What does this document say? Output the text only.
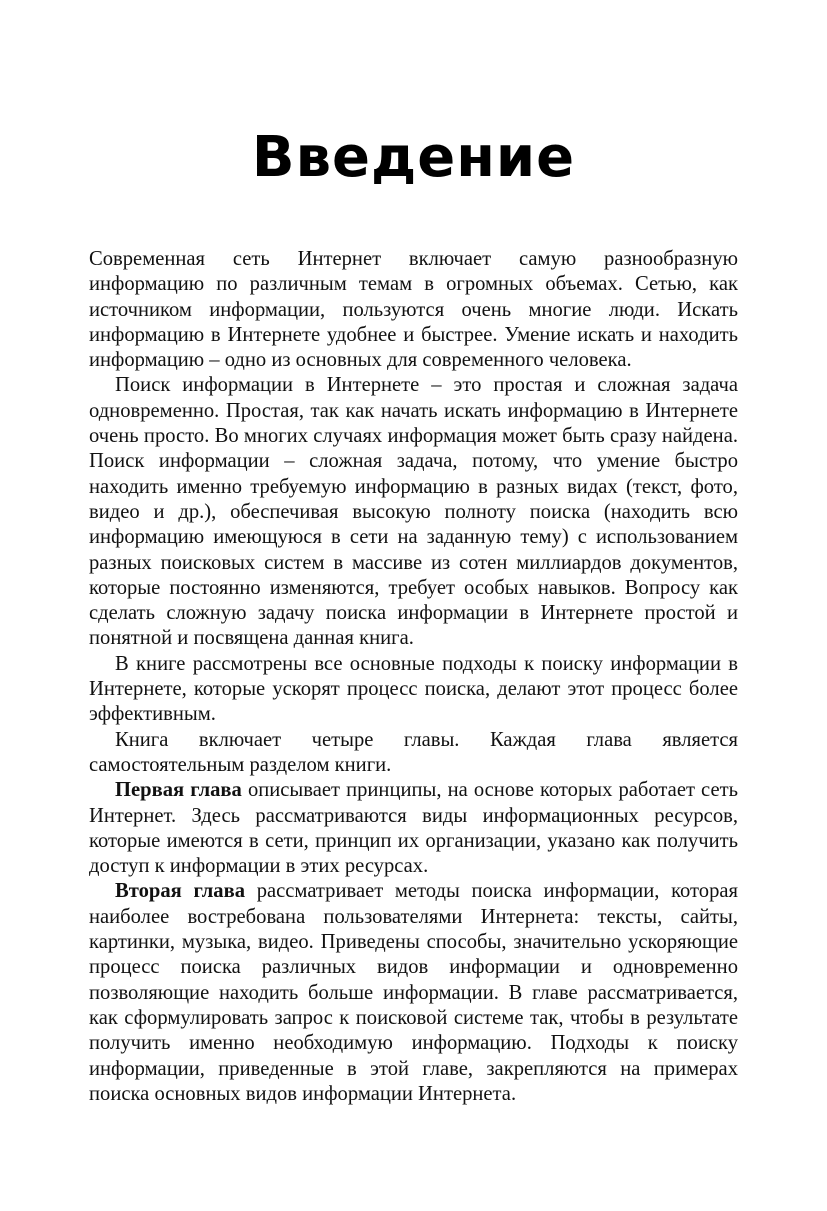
Введение

Современная сеть Интернет включает самую разнообразную информацию по различным темам в огромных объемах. Сетью, как источником информации, пользуются очень многие люди. Искать информацию в Интернете удобнее и быстрее. Умение искать и находить информацию – одно из основных для современного человека.

Поиск информации в Интернете – это простая и сложная задача одновременно. Простая, так как начать искать информацию в Интернете очень просто. Во многих случаях информация может быть сразу найдена. Поиск информации – сложная задача, потому, что умение быстро находить именно требуемую информацию в разных видах (текст, фото, видео и др.), обеспечивая высокую полноту поиска (находить всю информацию имеющуюся в сети на заданную тему) с использованием разных поисковых систем в массиве из сотен миллиардов документов, которые постоянно изменяются, требует особых навыков. Вопросу как сделать сложную задачу поиска информации в Интернете простой и понятной и посвящена данная книга.

В книге рассмотрены все основные подходы к поиску информации в Интернете, которые ускорят процесс поиска, делают этот процесс более эффективным.

Книга включает четыре главы. Каждая глава является самостоятельным разделом книги.

Первая глава описывает принципы, на основе которых работает сеть Интернет. Здесь рассматриваются виды информационных ресурсов, которые имеются в сети, принцип их организации, указано как получить доступ к информации в этих ресурсах.

Вторая глава рассматривает методы поиска информации, которая наиболее востребована пользователями Интернета: тексты, сайты, картинки, музыка, видео. Приведены способы, значительно ускоряющие процесс поиска различных видов информации и одновременно позволяющие находить больше информации. В главе рассматривается, как сформулировать запрос к поисковой системе так, чтобы в результате получить именно необходимую информацию. Подходы к поиску информации, приведенные в этой главе, закрепляются на примерах поиска основных видов информации Интернета.
